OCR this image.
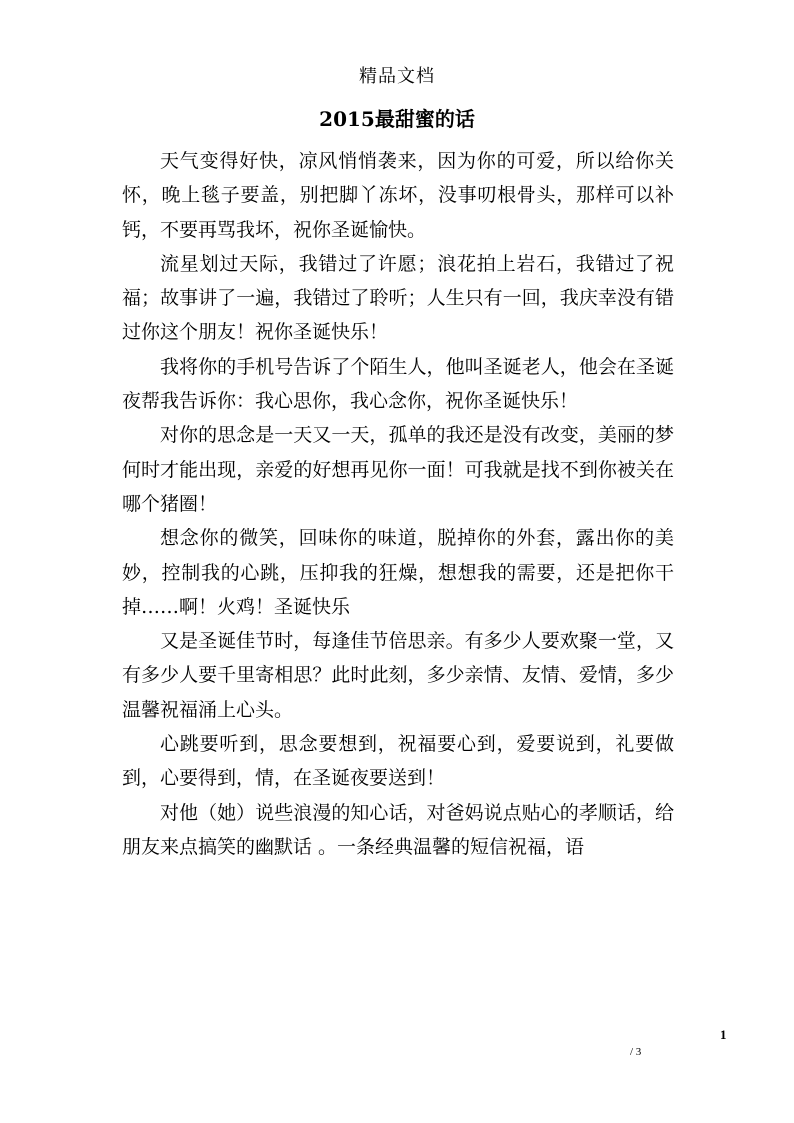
精品文档
2015最甜蜜的话

天气变得好快，凉风悄悄袭来，因为你的可爱，所以给你关怀，晚上毯子要盖，别把脚丫冻坏，没事叨根骨头，那样可以补钙，不要再骂我坏，祝你圣诞愉快。

流星划过天际，我错过了许愿；浪花拍上岩石，我错过了祝福；故事讲了一遍，我错过了聆听；人生只有一回，我庆幸没有错过你这个朋友！祝你圣诞快乐！

我将你的手机号告诉了个陌生人，他叫圣诞老人，他会在圣诞夜帮我告诉你：我心思你，我心念你，祝你圣诞快乐！

对你的思念是一天又一天，孤单的我还是没有改变，美丽的梦何时才能出现，亲爱的好想再见你一面！可我就是找不到你被关在哪个猪圈！

想念你的微笑，回味你的味道，脱掉你的外套，露出你的美妙，控制我的心跳，压抑我的狂燥，想想我的需要，还是把你干掉……啊！火鸡！圣诞快乐

又是圣诞佳节时，每逢佳节倍思亲。有多少人要欢聚一堂，又有多少人要千里寄相思？此时此刻，多少亲情、友情、爱情，多少温馨祝福涌上心头。

心跳要听到，思念要想到，祝福要心到，爱要说到，礼要做到，心要得到，情，在圣诞夜要送到！

对他（她）说些浪漫的知心话，对爸妈说点贴心的孝顺话，给朋友来点搞笑的幽默话 。一条经典温馨的短信祝福，语

1
/ 3
